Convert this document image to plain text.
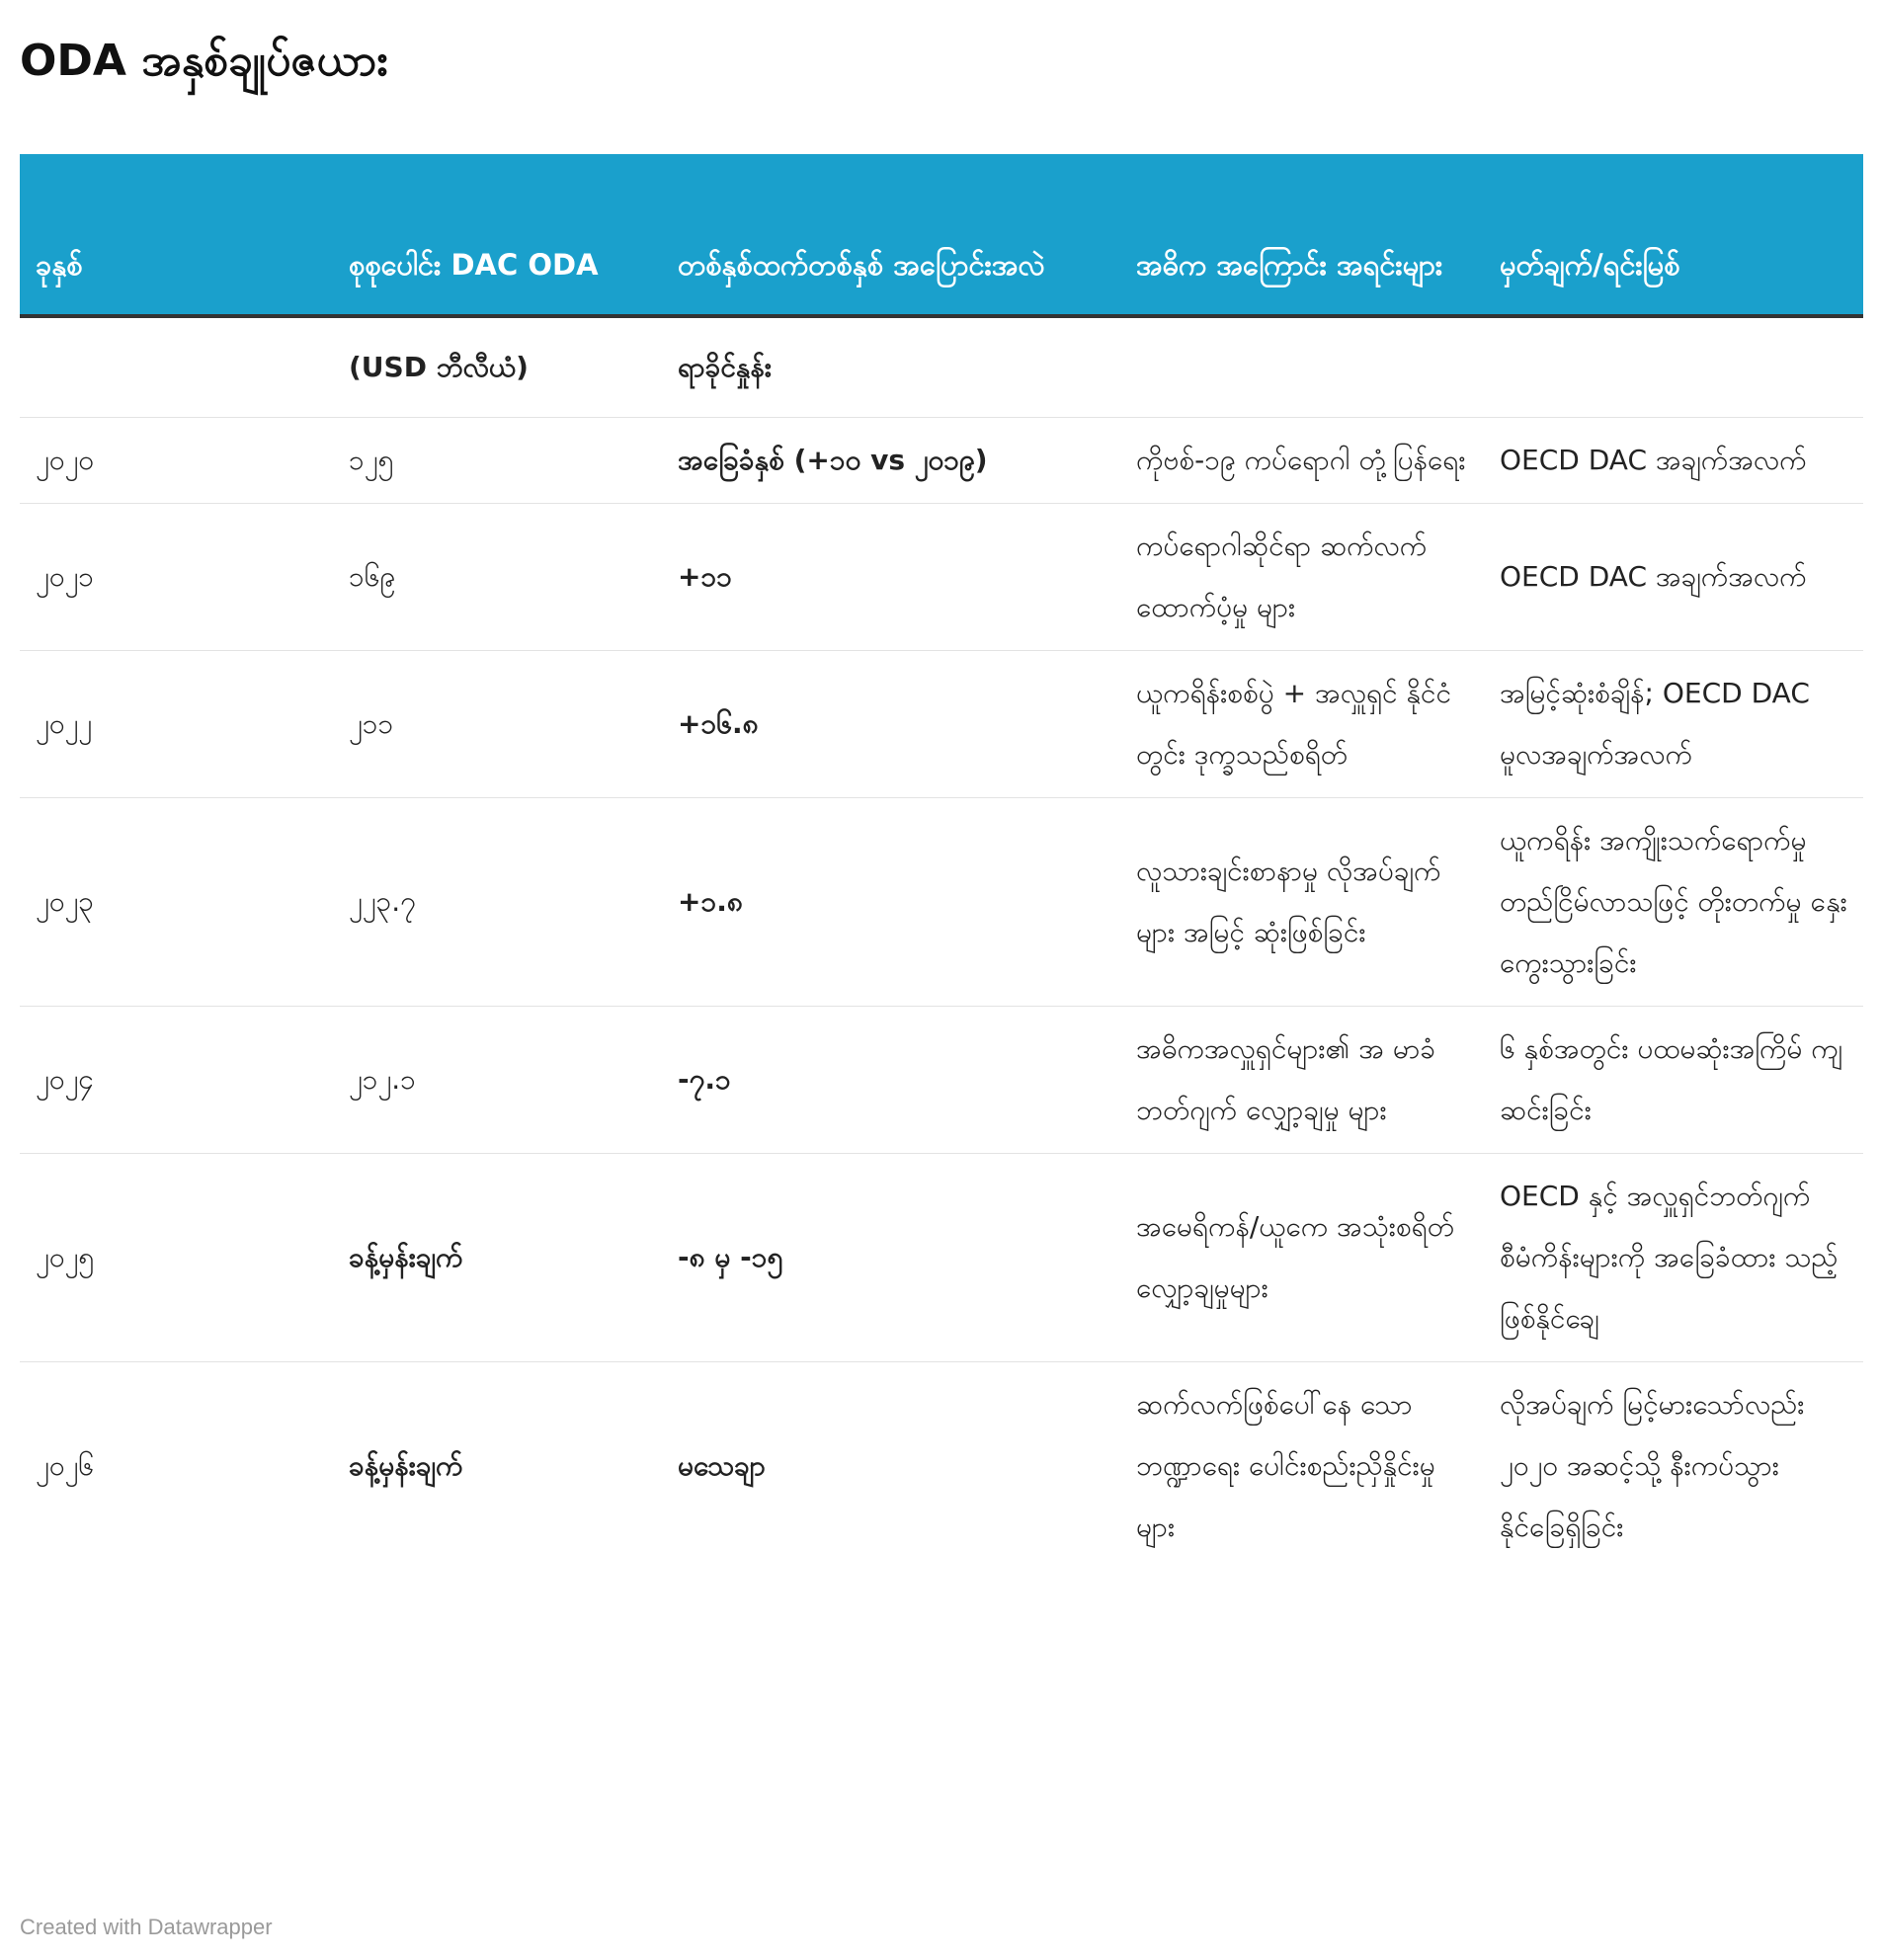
ODA အနှစ်ချုပ်ဇယား
ခုနှစ်	စုစုပေါင်း DAC ODA	တစ်နှစ်ထက်တစ်နှစ် အပြောင်းအလဲ	အဓိက အကြောင်း အရင်းများ	မှတ်ချက်/ရင်းမြစ်
	(USD ဘီလီယံ)	ရာခိုင်နှုန်း		
၂၀၂၀	၁၂၅	အခြေခံနှစ် (+၁၀ vs ၂၀၁၉)	ကိုဗစ်-၁၉ ကပ်ရောဂါ တုံ့ပြန်ရေး	OECD DAC အချက်အလက်
၂၀၂၁	၁၆၉	+၁၁	ကပ်ရောဂါဆိုင်ရာ ဆက်လက်ထောက်ပံ့မှု များ	OECD DAC အချက်အလက်
၂၀၂၂	၂၁၁	+၁၆.၈	ယူကရိန်းစစ်ပွဲ + အလှူရှင် နိုင်ငံတွင်း ဒုက္ခသည်စရိတ်	အမြင့်ဆုံးစံချိန်; OECD DAC မူလအချက်အလက်
၂၀၂၃	၂၂၃.၇	+၁.၈	လူသားချင်းစာနာမှု လိုအပ်ချက်များ အမြင့် ဆုံးဖြစ်ခြင်း	ယူကရိန်း အကျိုးသက်ရောက်မှု တည်ငြိမ်လာသဖြင့် တိုးတက်မှု နှေးကွေးသွားခြင်း
၂၀၂၄	၂၁၂.၁	-၇.၁	အဓိကအလှူရှင်များ၏ အ မာခံဘတ်ဂျက် လျှော့ချမှု များ	၆ နှစ်အတွင်း ပထမဆုံးအကြိမ် ကျဆင်းခြင်း
၂၀၂၅	ခန့်မှန်းချက်	-၈ မှ -၁၅	အမေရိကန်/ယူကေ အသုံးစရိတ်လျှော့ချမှုများ	OECD နှင့် အလှူရှင်ဘတ်ဂျက် စီမံကိန်းများကို အခြေခံထား သည့် ဖြစ်နိုင်ချေ
၂၀၂၆	ခန့်မှန်းချက်	မသေချာ	ဆက်လက်ဖြစ်ပေါ်နေ သော ဘဏ္ဍာရေး ပေါင်းစည်းညှိနှိုင်းမှုများ	လိုအပ်ချက် မြင့်မားသော်လည်း ၂၀၂၀ အဆင့်သို့ နီးကပ်သွား နိုင်ခြေရှိခြင်း
Created with Datawrapper
